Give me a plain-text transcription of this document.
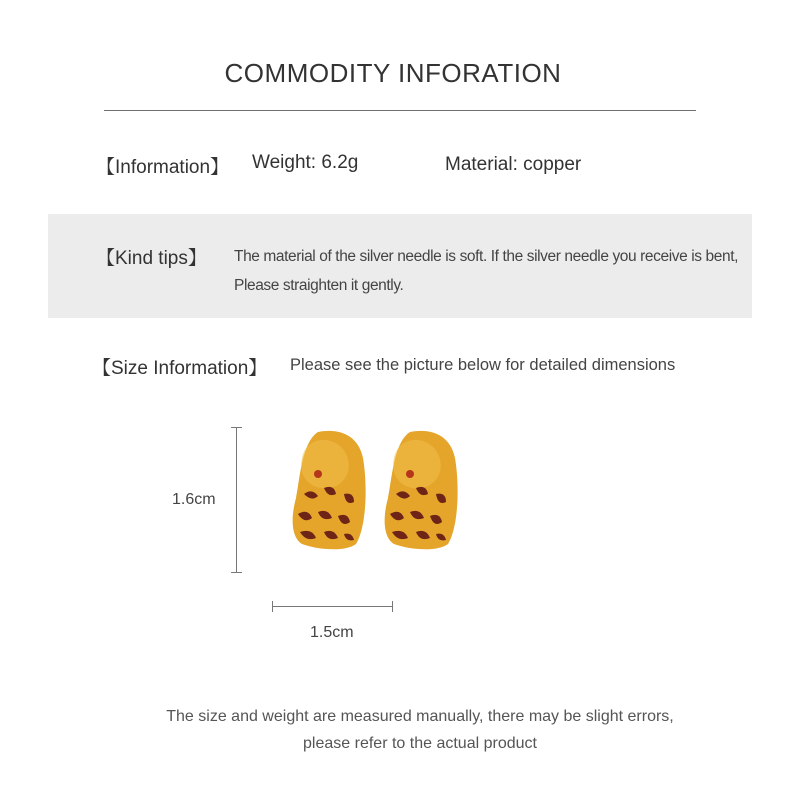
COMMODITY INFORATION
【Information】 Weight: 6.2g	Material: copper
【Kind tips】 The material of the silver needle is soft. If the silver needle you receive is bent,
Please straighten it gently.
【Size Information】 Please see the picture below for detailed dimensions
1.6cm
1.5cm
The size and weight are measured manually, there may be slight errors,
please refer to the actual product
